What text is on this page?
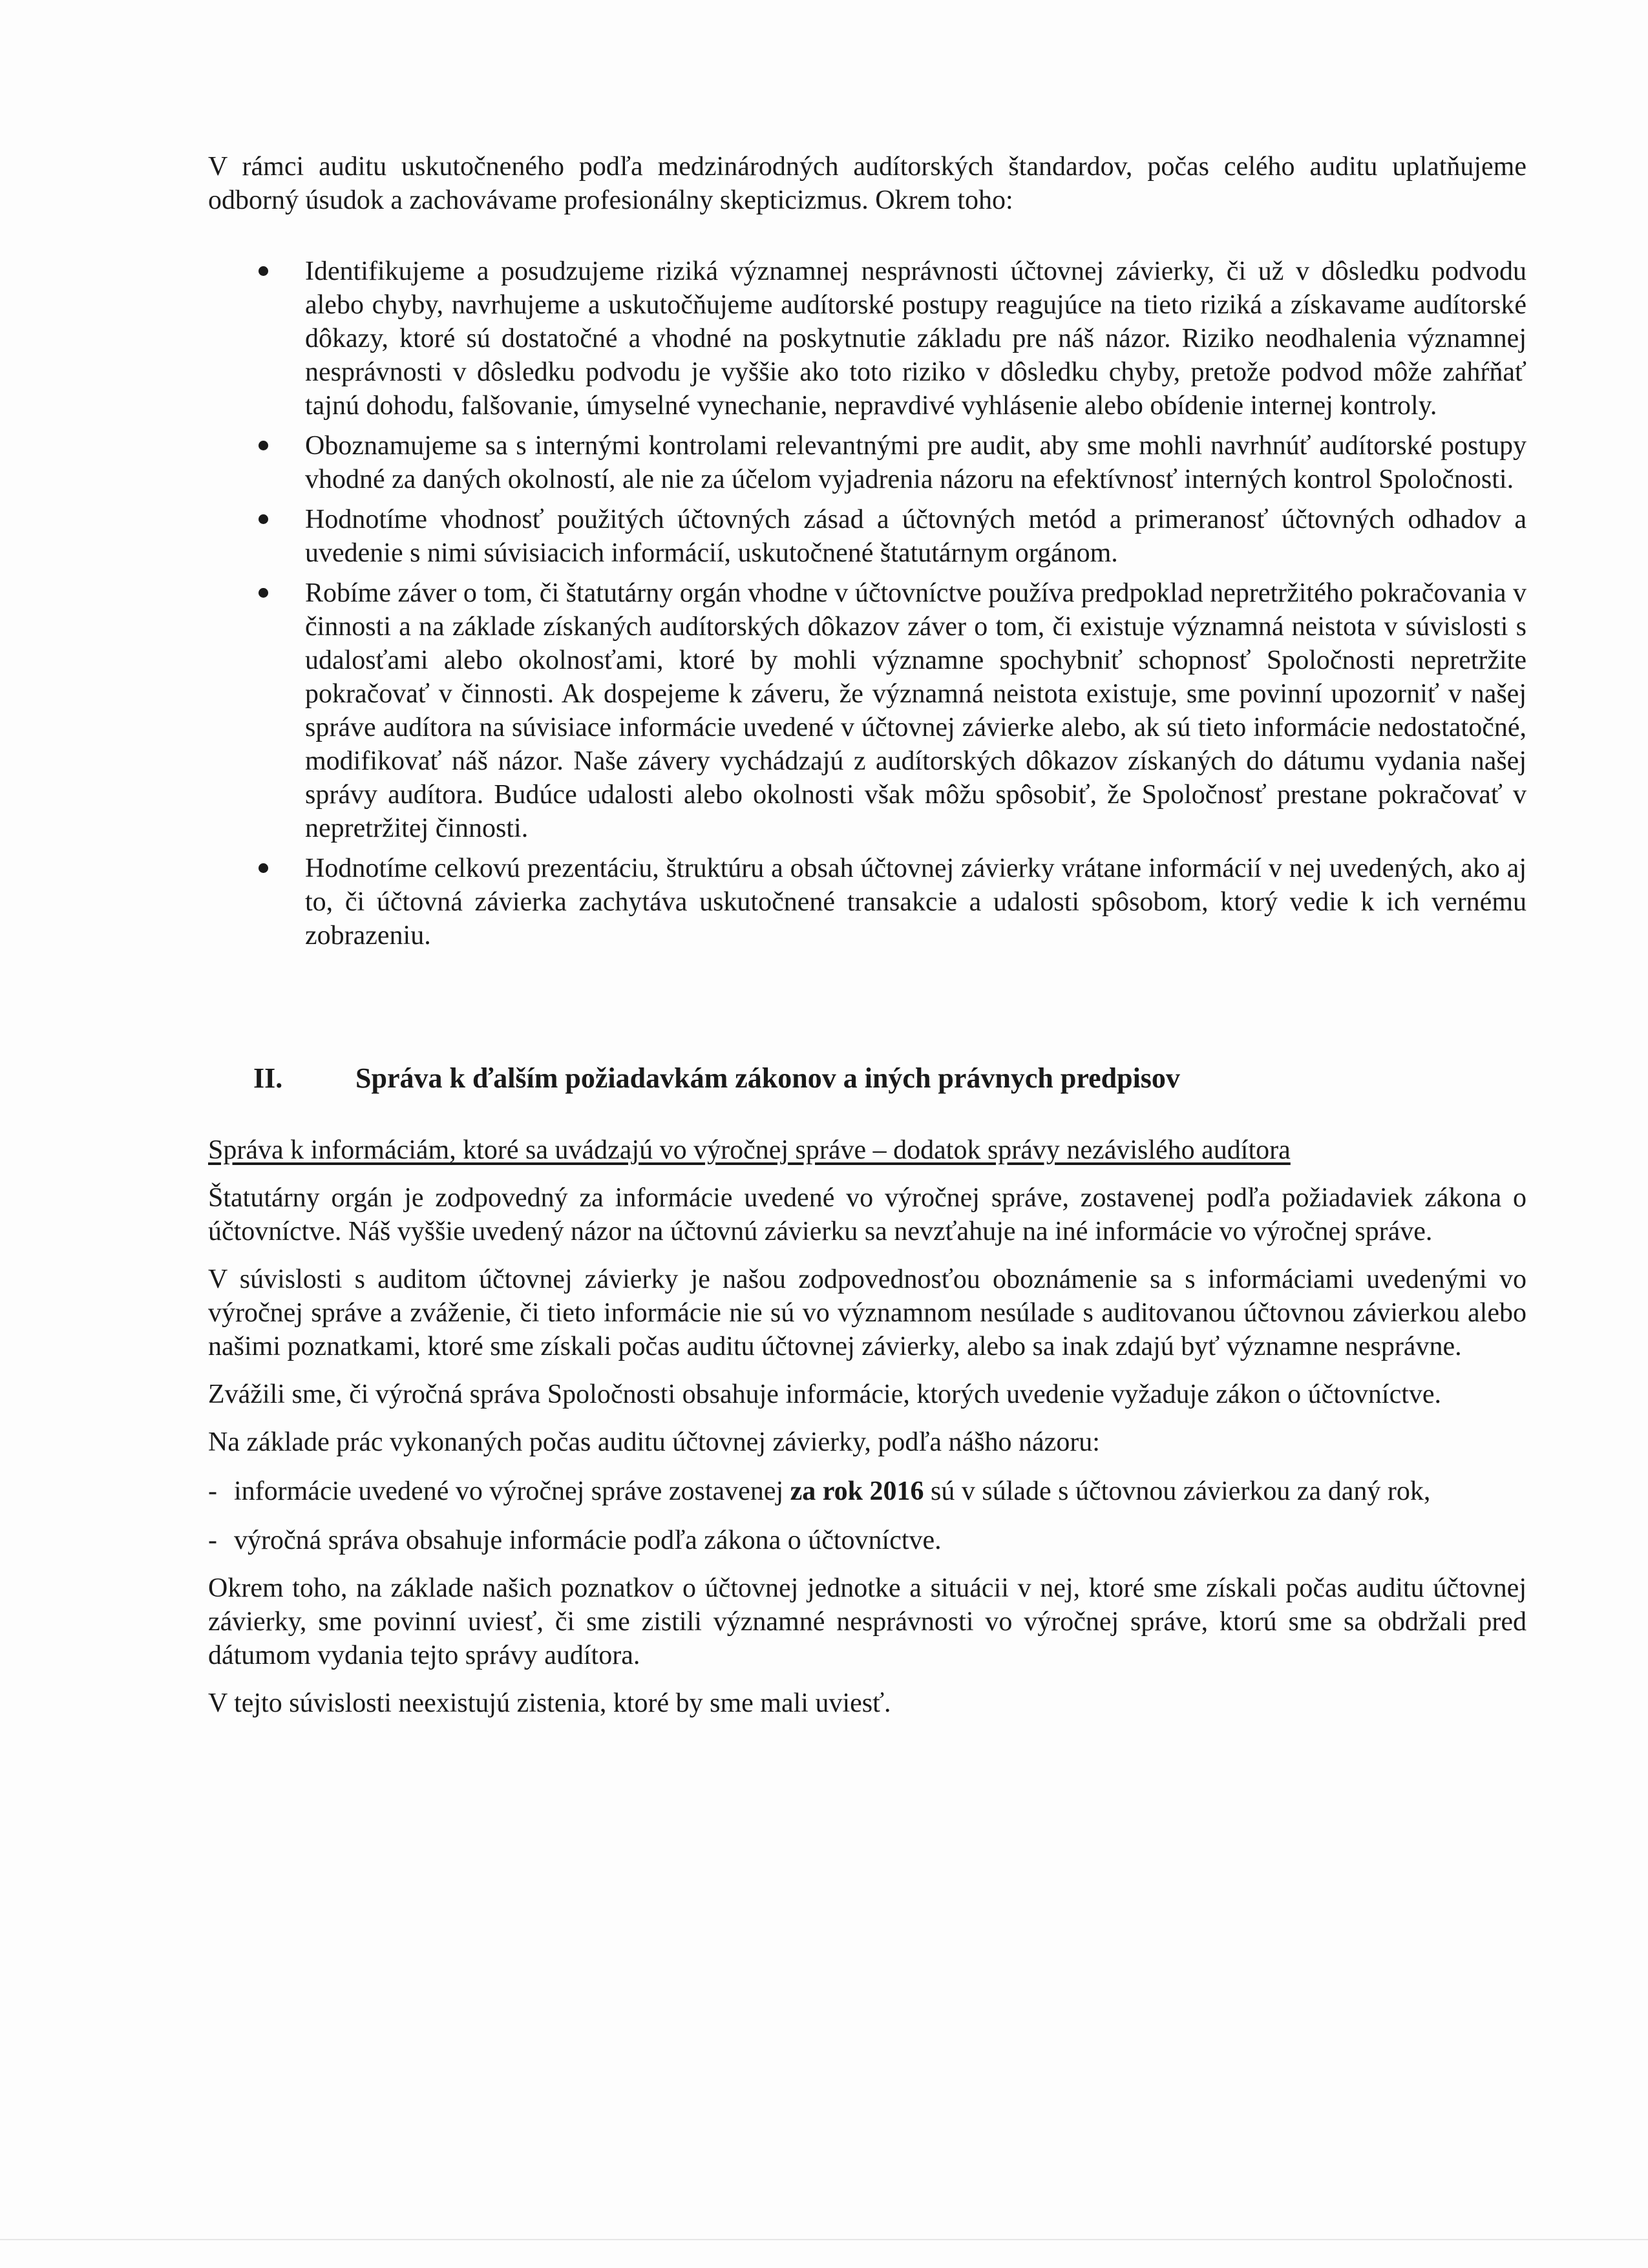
V rámci auditu uskutočneného podľa medzinárodných audítorských štandardov, počas celého auditu uplatňujeme odborný úsudok a zachovávame profesionálny skepticizmus. Okrem toho:

Identifikujeme a posudzujeme riziká významnej nesprávnosti účtovnej závierky, či už v dôsledku podvodu alebo chyby, navrhujeme a uskutočňujeme audítorské postupy reagujúce na tieto riziká a získavame audítorské dôkazy, ktoré sú dostatočné a vhodné na poskytnutie základu pre náš názor. Riziko neodhalenia významnej nesprávnosti v dôsledku podvodu je vyššie ako toto riziko v dôsledku chyby, pretože podvod môže zahŕňať tajnú dohodu, falšovanie, úmyselné vynechanie, nepravdivé vyhlásenie alebo obídenie internej kontroly.
Oboznamujeme sa s internými kontrolami relevantnými pre audit, aby sme mohli navrhnúť audítorské postupy vhodné za daných okolností, ale nie za účelom vyjadrenia názoru na efektívnosť interných kontrol Spoločnosti.
Hodnotíme vhodnosť použitých účtovných zásad a účtovných metód a primeranosť účtovných odhadov a uvedenie s nimi súvisiacich informácií, uskutočnené štatutárnym orgánom.
Robíme záver o tom, či štatutárny orgán vhodne v účtovníctve používa predpoklad nepretržitého pokračovania v činnosti a na základe získaných audítorských dôkazov záver o tom, či existuje významná neistota v súvislosti s udalosťami alebo okolnosťami, ktoré by mohli významne spochybniť schopnosť Spoločnosti nepretržite pokračovať v činnosti. Ak dospejeme k záveru, že významná neistota existuje, sme povinní upozorniť v našej správe audítora na súvisiace informácie uvedené v účtovnej závierke alebo, ak sú tieto informácie nedostatočné, modifikovať náš názor. Naše závery vychádzajú z audítorských dôkazov získaných do dátumu vydania našej správy audítora. Budúce udalosti alebo okolnosti však môžu spôsobiť, že Spoločnosť prestane pokračovať v nepretržitej činnosti.
Hodnotíme celkovú prezentáciu, štruktúru a obsah účtovnej závierky vrátane informácií v nej uvedených, ako aj to, či účtovná závierka zachytáva uskutočnené transakcie a udalosti spôsobom, ktorý vedie k ich vernému zobrazeniu.
II.	Správa k ďalším požiadavkám zákonov a iných právnych predpisov

Správa k informáciám, ktoré sa uvádzajú vo výročnej správe – dodatok správy nezávislého audítora

Štatutárny orgán je zodpovedný za informácie uvedené vo výročnej správe, zostavenej podľa požiadaviek zákona o účtovníctve. Náš vyššie uvedený názor na účtovnú závierku sa nevzťahuje na iné informácie vo výročnej správe.

V súvislosti s auditom účtovnej závierky je našou zodpovednosťou oboznámenie sa s informáciami uvedenými vo výročnej správe a zváženie, či tieto informácie nie sú vo významnom nesúlade s auditovanou účtovnou závierkou alebo našimi poznatkami, ktoré sme získali počas auditu účtovnej závierky, alebo sa inak zdajú byť významne nesprávne.

Zvážili sme, či výročná správa Spoločnosti obsahuje informácie, ktorých uvedenie vyžaduje zákon o účtovníctve.

Na základe prác vykonaných počas auditu účtovnej závierky, podľa nášho názoru:

- informácie uvedené vo výročnej správe zostavenej za rok 2016 sú v súlade s účtovnou závierkou za daný rok,
- výročná správa obsahuje informácie podľa zákona o účtovníctve.

Okrem toho, na základe našich poznatkov o účtovnej jednotke a situácii v nej, ktoré sme získali počas auditu účtovnej závierky, sme povinní uviesť, či sme zistili významné nesprávnosti vo výročnej správe, ktorú sme sa obdržali pred dátumom vydania tejto správy audítora.

V tejto súvislosti neexistujú zistenia, ktoré by sme mali uviesť.
